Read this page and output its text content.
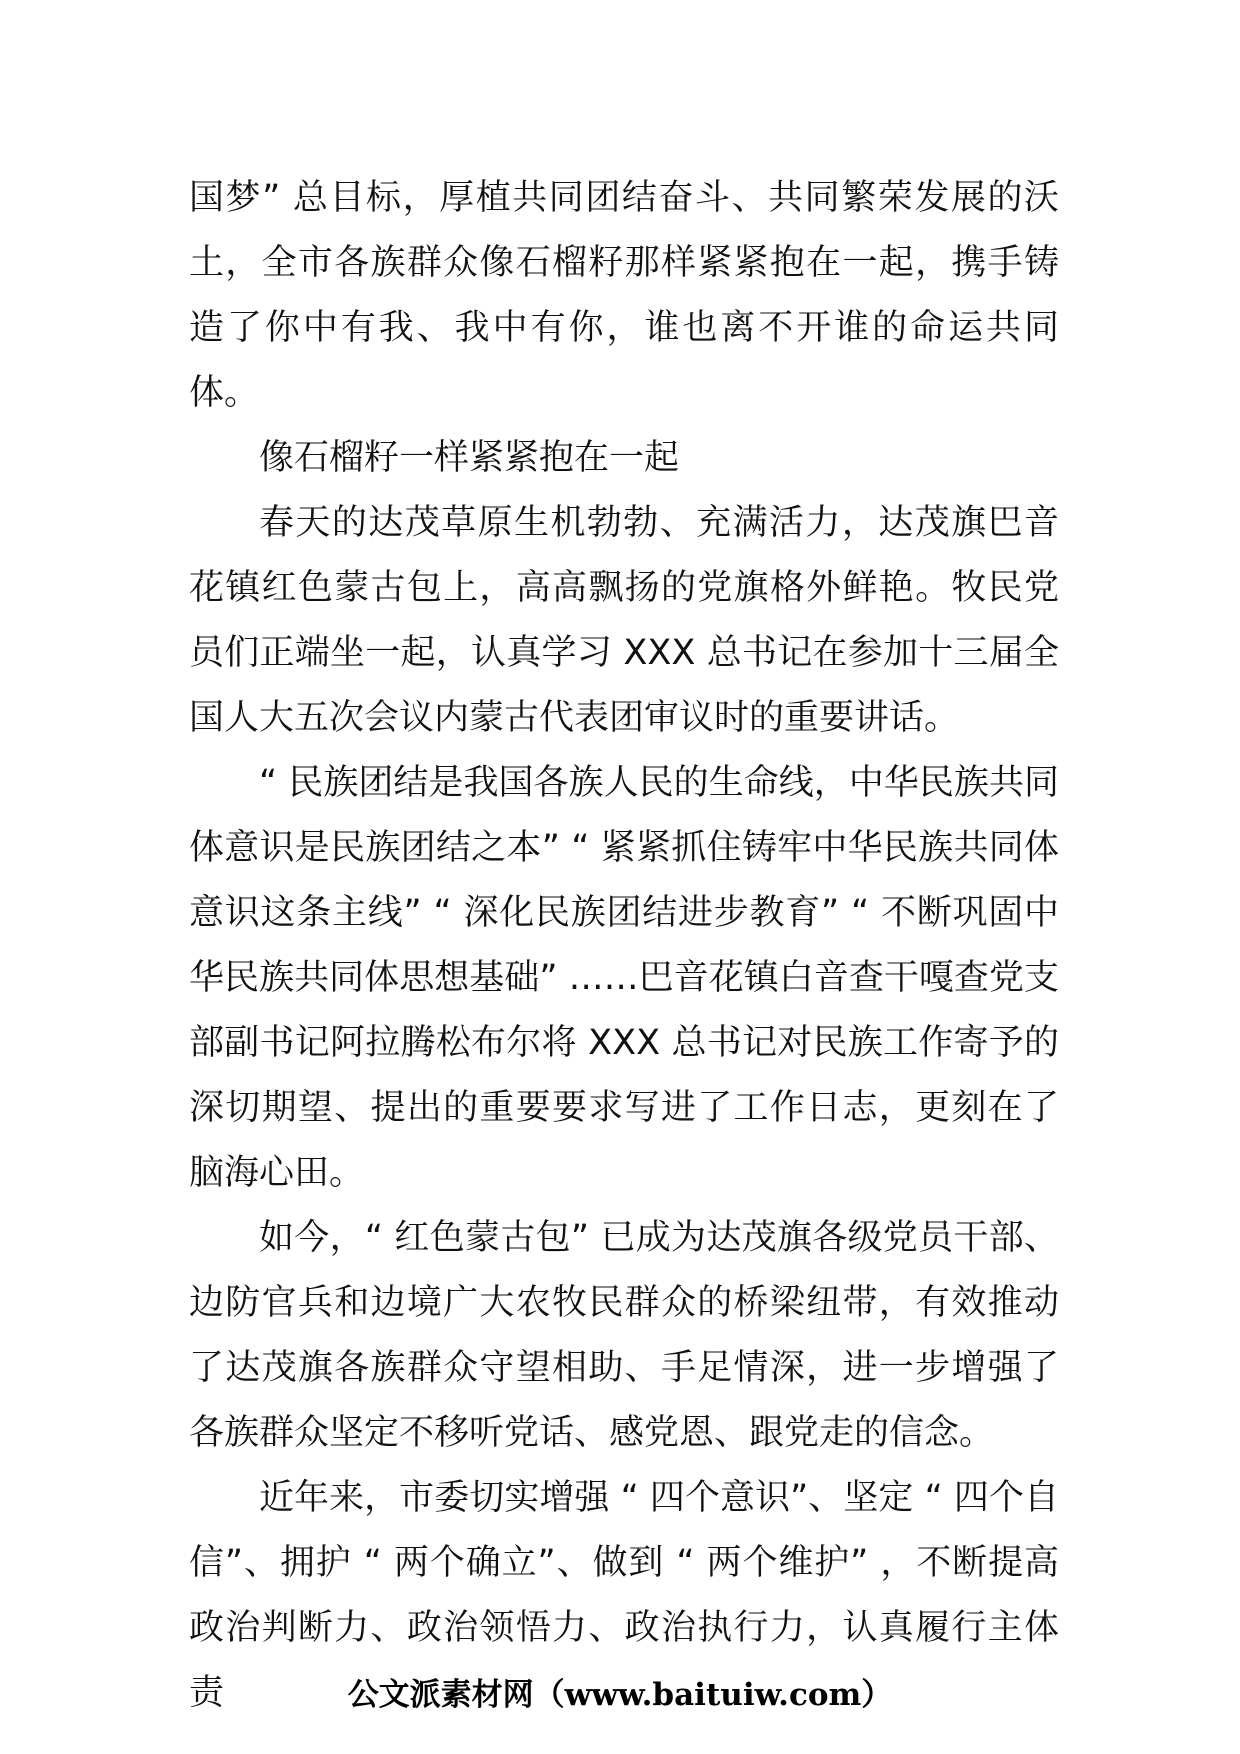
国梦” 总目标，厚植共同团结奋斗、共同繁荣发展的沃土，全市各族群众像石榴籽那样紧紧抱在一起，携手铸造了你中有我、我中有你，谁也离不开谁的命运共同体。

像石榴籽一样紧紧抱在一起

春天的达茂草原生机勃勃、充满活力，达茂旗巴音花镇红色蒙古包上，高高飘扬的党旗格外鲜艳。牧民党员们正端坐一起，认真学习 XXX 总书记在参加十三届全国人大五次会议内蒙古代表团审议时的重要讲话。

“ 民族团结是我国各族人民的生命线，中华民族共同体意识是民族团结之本” “ 紧紧抓住铸牢中华民族共同体意识这条主线” “ 深化民族团结进步教育” “ 不断巩固中华民族共同体思想基础” ……巴音花镇白音查干嘎查党支部副书记阿拉腾松布尔将 XXX 总书记对民族工作寄予的深切期望、提出的重要要求写进了工作日志，更刻在了脑海心田。

如今，“ 红色蒙古包” 已成为达茂旗各级党员干部、边防官兵和边境广大农牧民群众的桥梁纽带，有效推动了达茂旗各族群众守望相助、手足情深，进一步增强了各族群众坚定不移听党话、感党恩、跟党走的信念。

近年来，市委切实增强 “ 四个意识”、坚定 “ 四个自信”、拥护 “ 两个确立”、做到 “ 两个维护” ，不断提高政治判断力、政治领悟力、政治执行力，认真履行主体责	公文派素材网（www.baituiw.com）
